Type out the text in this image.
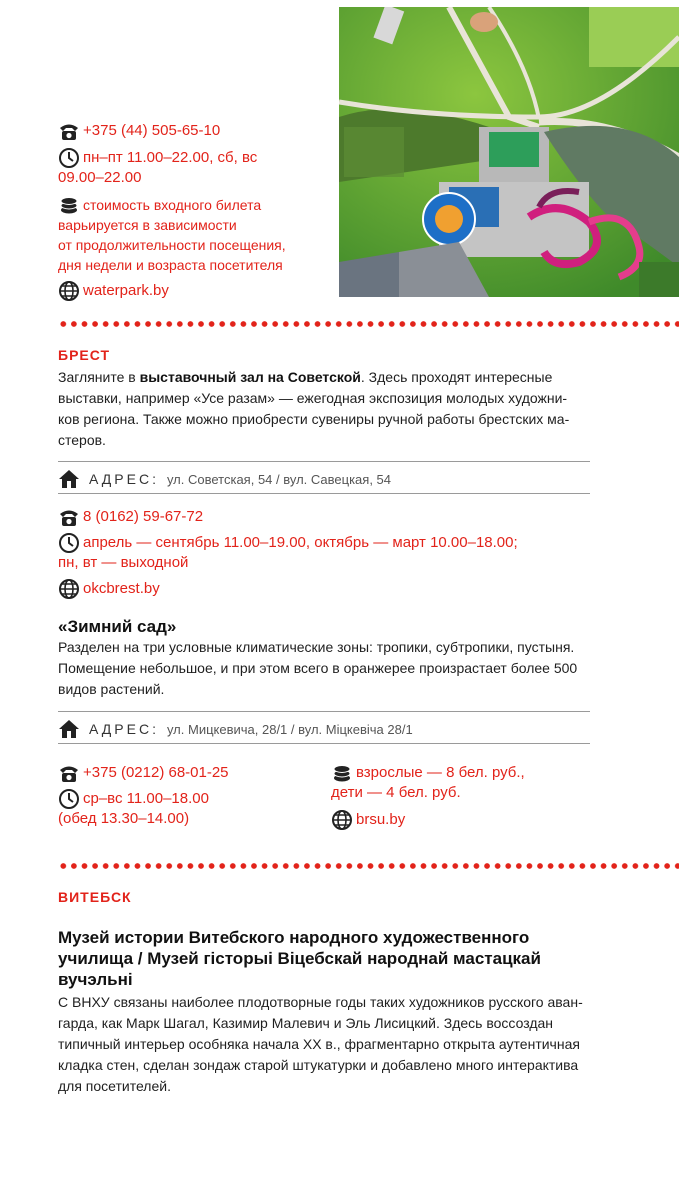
+375 (44) 505-65-10
пн–пт 11.00–22.00, сб, вс
09.00–22.00
стоимость входного билета
варьируется в зависимости
от продолжительности посещения,
дня недели и возраста посетителя
waterpark.by
БРЕСТ
Загляните в выставочный зал на Советской. Здесь проходят интересные
выставки, например «Усе разам» — ежегодная экспозиция молодых художни-
ков региона. Также можно приобрести сувениры ручной работы брестских ма-
стеров.
АДРЕС: ул. Советская, 54 / вул. Савецкая, 54
8 (0162) 59-67-72
апрель — сентябрь 11.00–19.00, октябрь — март 10.00–18.00;
пн, вт — выходной
okcbrest.by
«Зимний сад»
Разделен на три условные климатические зоны: тропики, субтропики, пустыня.
Помещение небольшое, и при этом всего в оранжерее произрастает более 500
видов растений.
АДРЕС: ул. Мицкевича, 28/1 / вул. Міцкевіча 28/1
+375 (0212) 68-01-25
ср–вс 11.00–18.00
(обед 13.30–14.00)
взрослые — 8 бел. руб.,
дети — 4 бел. руб.
brsu.by
ВИТЕБСК
Музей истории Витебского народного художественного
училища / Музей гісторыі Віцебскай народнай мастацкай
вучэльні
С ВНХУ связаны наиболее плодотворные годы таких художников русского аван-
гарда, как Марк Шагал, Казимир Малевич и Эль Лисицкий. Здесь воссоздан
типичный интерьер особняка начала XX в., фрагментарно открыта аутентичная
кладка стен, сделан зондаж старой штукатурки и добавлено много интерактива
для посетителей.
